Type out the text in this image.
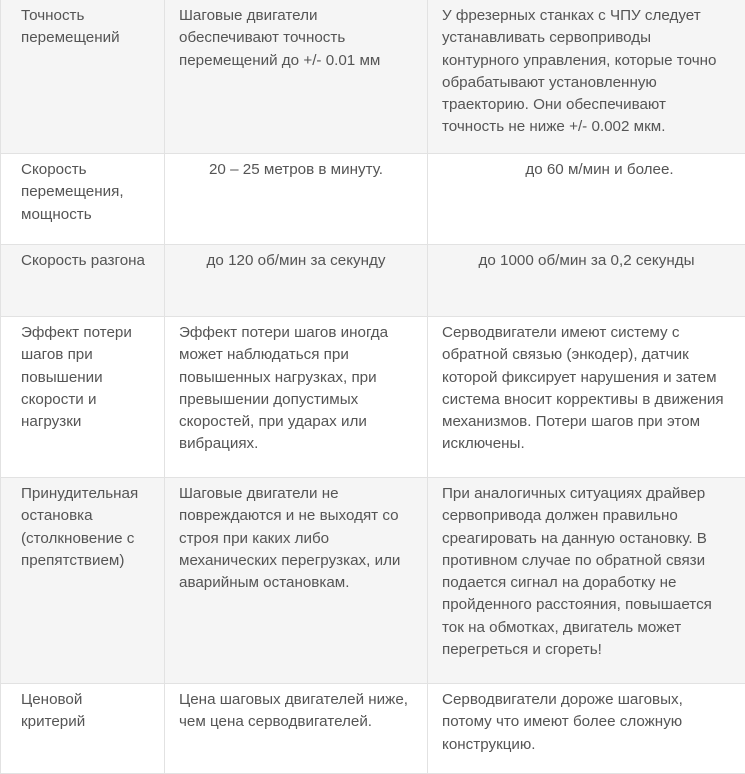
Точность перемещений	Шаговые двигатели обеспечивают точность перемещений до +/- 0.01 мм	У фрезерных станках с ЧПУ следует устанавливать сервоприводы контурного управления, которые точно обрабатывают установленную траекторию. Они обеспечивают точность не ниже +/- 0.002 мкм.
Скорость перемещения, мощность	20 – 25 метров в минуту.	до 60 м/мин и более.
Скорость разгона	до 120 об/мин за секунду	до 1000 об/мин за 0,2 секунды
Эффект потери шагов при повышении скорости и нагрузки	Эффект потери шагов иногда может наблюдаться при повышенных нагрузках, при превышении допустимых скоростей, при ударах или вибрациях.	Серводвигатели имеют систему с обратной связью (энкодер), датчик которой фиксирует нарушения и затем система вносит коррективы в движения механизмов. Потери шагов при этом исключены.
Принудительная остановка (столкновение с препятствием)	Шаговые двигатели не повреждаются и не выходят со строя при каких либо механических перегрузках, или аварийным остановкам.	При аналогичных ситуациях драйвер сервопривода должен правильно среагировать на данную остановку. В противном случае по обратной связи подается сигнал на доработку не пройденного расстояния, повышается ток на обмотках, двигатель может перегреться и сгореть!
Ценовой критерий	Цена шаговых двигателей ниже, чем цена серводвигателей.	Серводвигатели дороже шаговых, потому что имеют более сложную конструкцию.
